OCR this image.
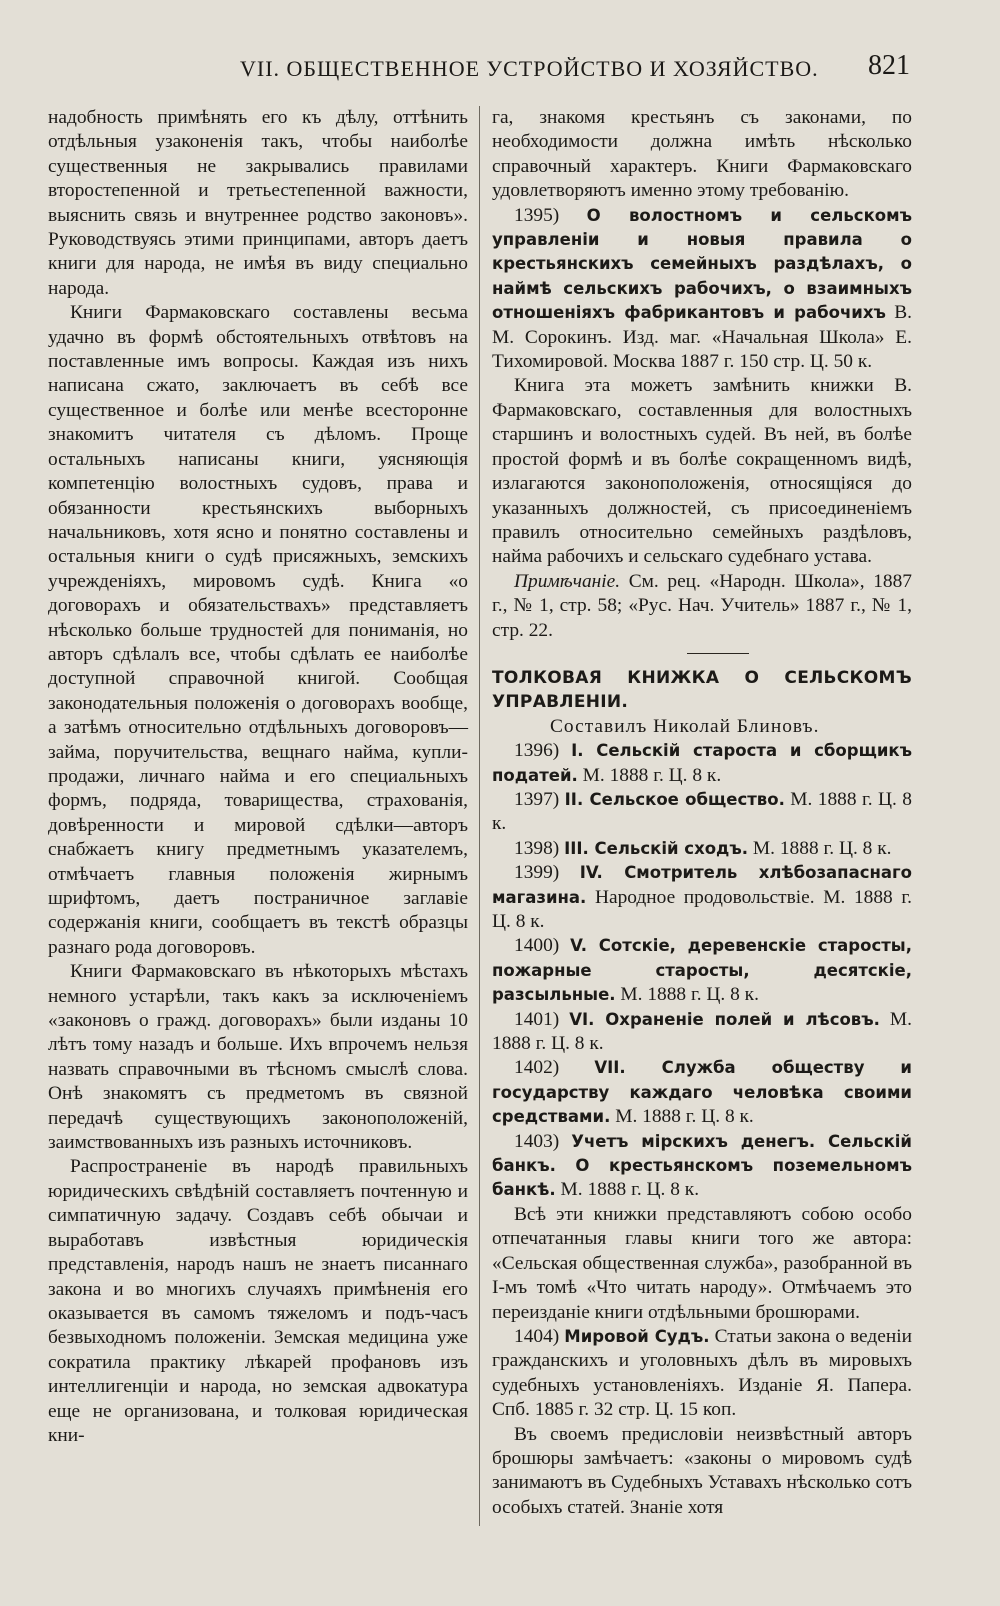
VII. ОБЩЕСТВЕННОЕ УСТРОЙСТВО И ХОЗЯЙСТВО. 821

надобность примѣнять его къ дѣлу, оттѣнить отдѣльныя узаконенія такъ, чтобы наиболѣе существенныя не закрывались правилами второстепенной и третьестепенной важности, выяснить связь и внутреннее родство законовъ». Руководствуясь этими принципами, авторъ даетъ книги для народа, не имѣя въ виду специально народа.

Книги Фармаковскаго составлены весьма удачно въ формѣ обстоятельныхъ отвѣтовъ на поставленные имъ вопросы. Каждая изъ нихъ написана сжато, заключаетъ въ себѣ все существенное и болѣе или менѣе всесторонне знакомитъ читателя съ дѣломъ. Проще остальныхъ написаны книги, уясняющія компетенцію волостныхъ судовъ, права и обязанности крестьянскихъ выборныхъ начальниковъ, хотя ясно и понятно составлены и остальныя книги о судѣ присяжныхъ, земскихъ учрежденіяхъ, мировомъ судѣ. Книга «о договорахъ и обязательствахъ» представляетъ нѣсколько больше трудностей для пониманія, но авторъ сдѣлалъ все, чтобы сдѣлать ее наиболѣе доступной справочной книгой. Сообщая законодательныя положенія о договорахъ вообще, а затѣмъ относительно отдѣльныхъ договоровъ—займа, поручительства, вещнаго найма, купли-продажи, личнаго найма и его специальныхъ формъ, подряда, товарищества, страхованія, довѣренности и мировой сдѣлки—авторъ снабжаетъ книгу предметнымъ указателемъ, отмѣчаетъ главныя положенія жирнымъ шрифтомъ, даетъ постраничное заглавіе содержанія книги, сообщаетъ въ текстѣ образцы разнаго рода договоровъ.

Книги Фармаковскаго въ нѣкоторыхъ мѣстахъ немного устарѣли, такъ какъ за исключеніемъ «законовъ о гражд. договорахъ» были изданы 10 лѣтъ тому назадъ и больше. Ихъ впрочемъ нельзя назвать справочными въ тѣсномъ смыслѣ слова. Онѣ знакомятъ съ предметомъ въ связной передачѣ существующихъ законоположеній, заимствованныхъ изъ разныхъ источниковъ.

Распространеніе въ народѣ правильныхъ юридическихъ свѣдѣній составляетъ почтенную и симпатичную задачу. Создавъ себѣ обычаи и выработавъ извѣстныя юридическія представленія, народъ нашъ не знаетъ писаннаго закона и во многихъ случаяхъ примѣненія его оказывается въ самомъ тяжеломъ и подъ-часъ безвыходномъ положеніи. Земская медицина уже сократила практику лѣкарей профановъ изъ интеллигенціи и народа, но земская адвокатура еще не организована, и толковая юридическая кни-

га, знакомя крестьянъ съ законами, по необходимости должна имѣть нѣсколько справочный характеръ. Книги Фармаковскаго удовлетворяютъ именно этому требованію.

1395) О волостномъ и сельскомъ управленіи и новыя правила о крестьянскихъ семейныхъ раздѣлахъ, о наймѣ сельскихъ рабочихъ, о взаимныхъ отношеніяхъ фабрикантовъ и рабочихъ В. М. Сорокинъ. Изд. маг. «Начальная Школа» Е. Тихомировой. Москва 1887 г. 150 стр. Ц. 50 к.

Книга эта можетъ замѣнить книжки В. Фармаковскаго, составленныя для волостныхъ старшинъ и волостныхъ судей. Въ ней, въ болѣе простой формѣ и въ болѣе сокращенномъ видѣ, излагаются законоположенія, относящіяся до указанныхъ должностей, съ присоединеніемъ правилъ относительно семейныхъ раздѣловъ, найма рабочихъ и сельскаго судебнаго устава.

Примѣчаніе. См. рец. «Народн. Школа», 1887 г., № 1, стр. 58; «Рус. Нач. Учитель» 1887 г., № 1, стр. 22.

ТОЛКОВАЯ КНИЖКА О СЕЛЬСКОМЪ УПРАВЛЕНІИ.

Составилъ Николай Блиновъ.

1396) I. Сельскій староста и сборщикъ податей. М. 1888 г. Ц. 8 к.

1397) II. Сельское общество. М. 1888 г. Ц. 8 к.

1398) III. Сельскій сходъ. М. 1888 г. Ц. 8 к.

1399) IV. Смотритель хлѣбозапаснаго магазина. Народное продовольствіе. М. 1888 г. Ц. 8 к.

1400) V. Сотскіе, деревенскіе старосты, пожарные старосты, десятскіе, разсыльные. М. 1888 г. Ц. 8 к.

1401) VI. Охраненіе полей и лѣсовъ. М. 1888 г. Ц. 8 к.

1402) VII. Служба обществу и государству каждаго человѣка своими средствами. М. 1888 г. Ц. 8 к.

1403) Учетъ мірскихъ денегъ. Сельскій банкъ. О крестьянскомъ поземельномъ банкѣ. М. 1888 г. Ц. 8 к.

Всѣ эти книжки представляютъ собою особо отпечатанныя главы книги того же автора: «Сельская общественная служба», разобранной въ І-мъ томѣ «Что читать народу». Отмѣчаемъ это переизданіе книги отдѣльными брошюрами.

1404) Мировой Судъ. Статьи закона о веденіи гражданскихъ и уголовныхъ дѣлъ въ мировыхъ судебныхъ установленіяхъ. Изданіе Я. Папера. Спб. 1885 г. 32 стр. Ц. 15 коп.

Въ своемъ предисловіи неизвѣстный авторъ брошюры замѣчаетъ: «законы о мировомъ судѣ занимаютъ въ Судебныхъ Уставахъ нѣсколько сотъ особыхъ статей. Знаніе хотя
